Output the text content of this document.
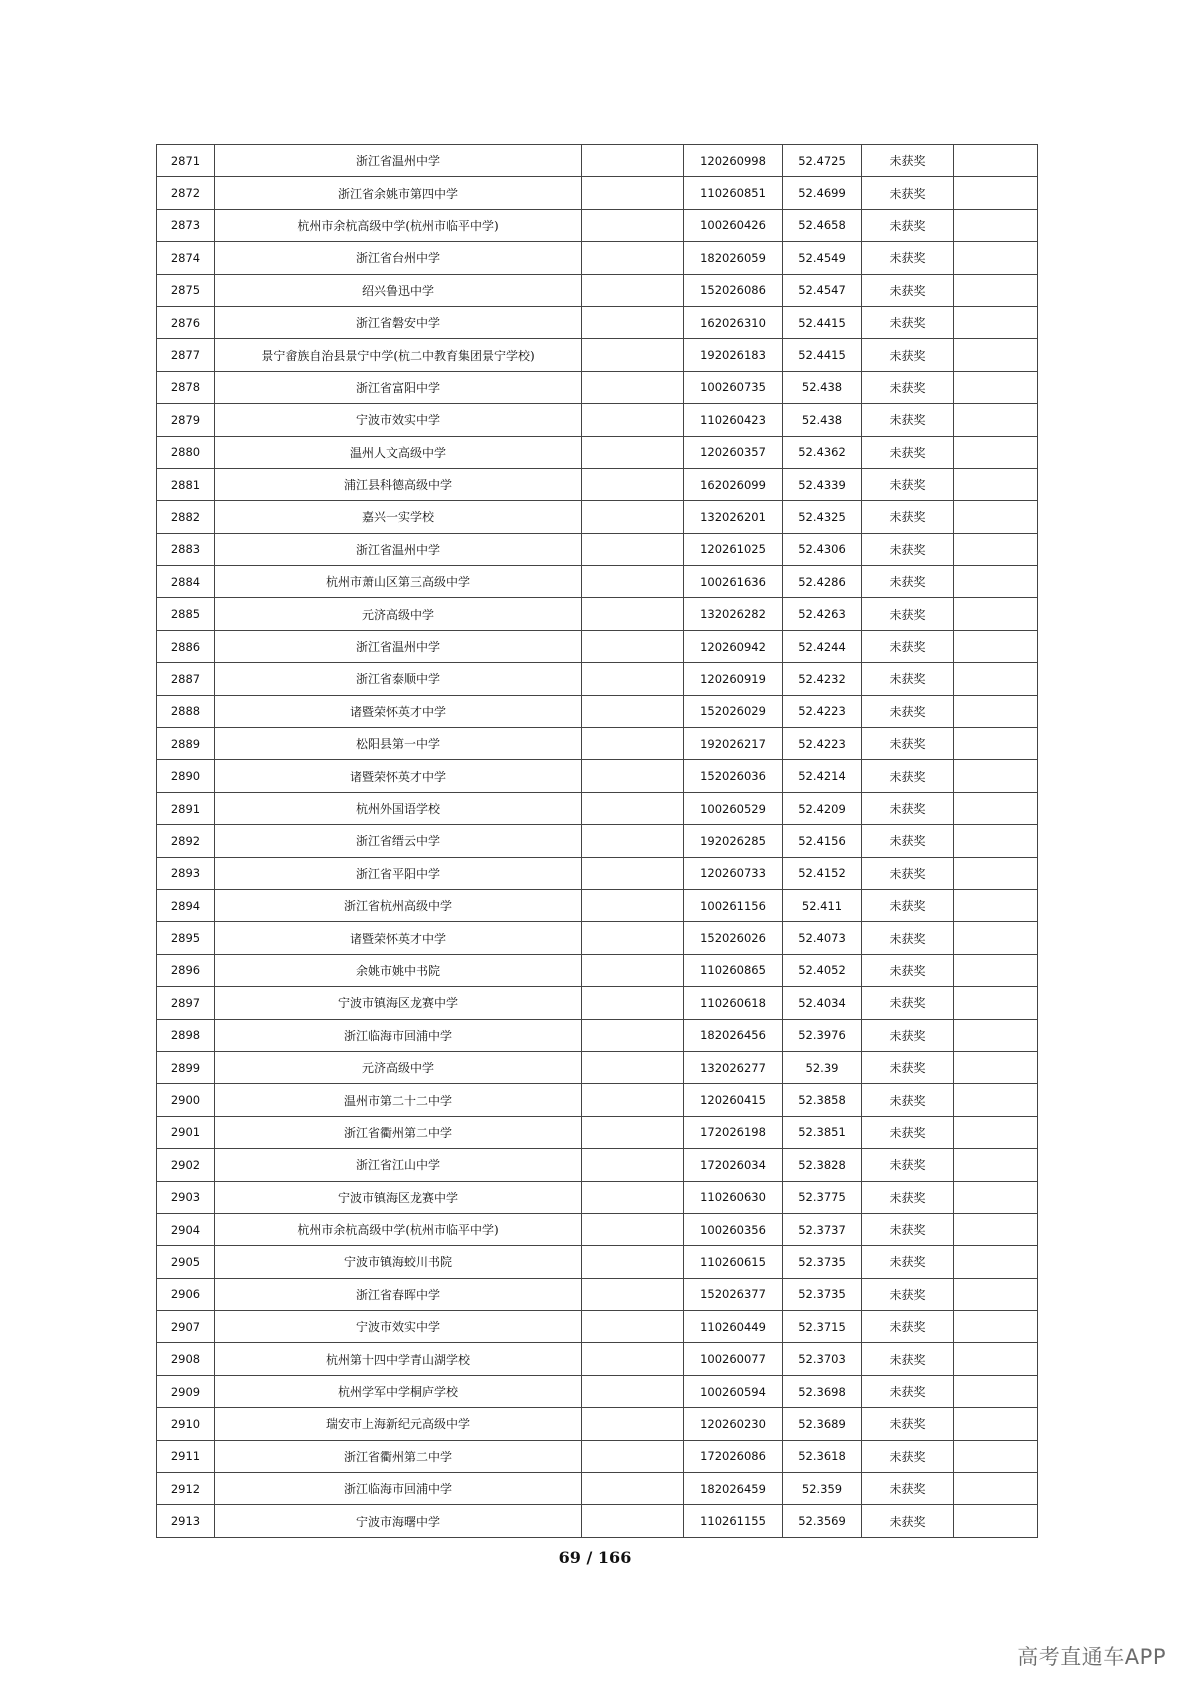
2871	浙江省温州中学		120260998	52.4725	未获奖	
2872	浙江省余姚市第四中学		110260851	52.4699	未获奖	
2873	杭州市余杭高级中学(杭州市临平中学)		100260426	52.4658	未获奖	
2874	浙江省台州中学		182026059	52.4549	未获奖	
2875	绍兴鲁迅中学		152026086	52.4547	未获奖	
2876	浙江省磐安中学		162026310	52.4415	未获奖	
2877	景宁畲族自治县景宁中学(杭二中教育集团景宁学校)		192026183	52.4415	未获奖	
2878	浙江省富阳中学		100260735	52.438	未获奖	
2879	宁波市效实中学		110260423	52.438	未获奖	
2880	温州人文高级中学		120260357	52.4362	未获奖	
2881	浦江县科德高级中学		162026099	52.4339	未获奖	
2882	嘉兴一实学校		132026201	52.4325	未获奖	
2883	浙江省温州中学		120261025	52.4306	未获奖	
2884	杭州市萧山区第三高级中学		100261636	52.4286	未获奖	
2885	元济高级中学		132026282	52.4263	未获奖	
2886	浙江省温州中学		120260942	52.4244	未获奖	
2887	浙江省泰顺中学		120260919	52.4232	未获奖	
2888	诸暨荣怀英才中学		152026029	52.4223	未获奖	
2889	松阳县第一中学		192026217	52.4223	未获奖	
2890	诸暨荣怀英才中学		152026036	52.4214	未获奖	
2891	杭州外国语学校		100260529	52.4209	未获奖	
2892	浙江省缙云中学		192026285	52.4156	未获奖	
2893	浙江省平阳中学		120260733	52.4152	未获奖	
2894	浙江省杭州高级中学		100261156	52.411	未获奖	
2895	诸暨荣怀英才中学		152026026	52.4073	未获奖	
2896	余姚市姚中书院		110260865	52.4052	未获奖	
2897	宁波市镇海区龙赛中学		110260618	52.4034	未获奖	
2898	浙江临海市回浦中学		182026456	52.3976	未获奖	
2899	元济高级中学		132026277	52.39	未获奖	
2900	温州市第二十二中学		120260415	52.3858	未获奖	
2901	浙江省衢州第二中学		172026198	52.3851	未获奖	
2902	浙江省江山中学		172026034	52.3828	未获奖	
2903	宁波市镇海区龙赛中学		110260630	52.3775	未获奖	
2904	杭州市余杭高级中学(杭州市临平中学)		100260356	52.3737	未获奖	
2905	宁波市镇海蛟川书院		110260615	52.3735	未获奖	
2906	浙江省春晖中学		152026377	52.3735	未获奖	
2907	宁波市效实中学		110260449	52.3715	未获奖	
2908	杭州第十四中学青山湖学校		100260077	52.3703	未获奖	
2909	杭州学军中学桐庐学校		100260594	52.3698	未获奖	
2910	瑞安市上海新纪元高级中学		120260230	52.3689	未获奖	
2911	浙江省衢州第二中学		172026086	52.3618	未获奖	
2912	浙江临海市回浦中学		182026459	52.359	未获奖	
2913	宁波市海曙中学		110261155	52.3569	未获奖	
69 / 166
高考直通车APP
